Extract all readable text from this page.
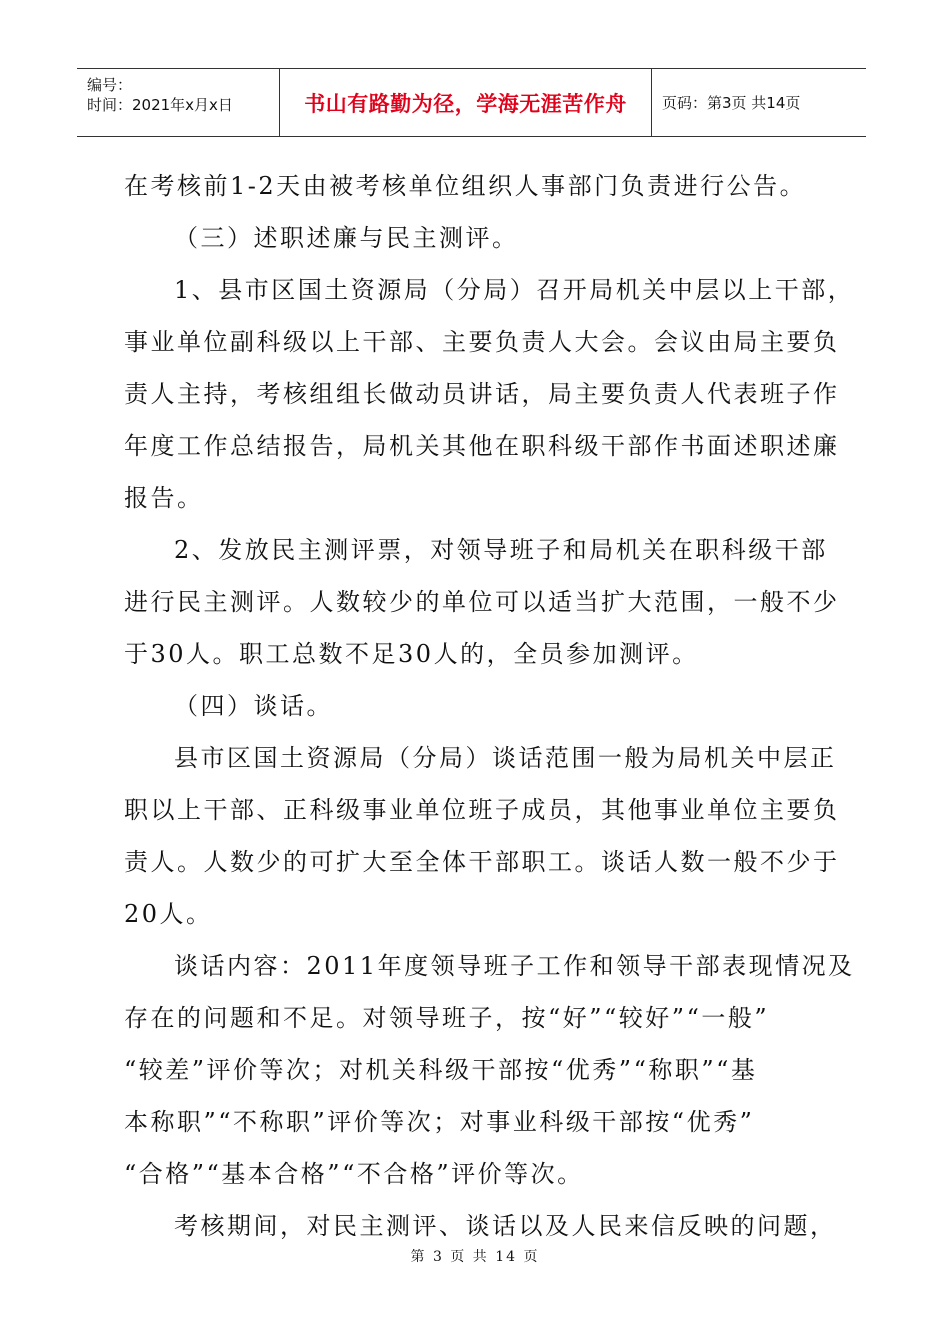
编号：
时间：2021年x月x日	书山有路勤为径，学海无涯苦作舟 页码：第3页 共14页
在考核前1-2天由被考核单位组织人事部门负责进行公告。
（三）述职述廉与民主测评。
1、县市区国土资源局（分局）召开局机关中层以上干部，
事业单位副科级以上干部、主要负责人大会。会议由局主要负
责人主持，考核组组长做动员讲话，局主要负责人代表班子作
年度工作总结报告，局机关其他在职科级干部作书面述职述廉
报告。
2、发放民主测评票，对领导班子和局机关在职科级干部
进行民主测评。人数较少的单位可以适当扩大范围，一般不少
于30人。职工总数不足30人的，全员参加测评。
（四）谈话。
县市区国土资源局（分局）谈话范围一般为局机关中层正
职以上干部、正科级事业单位班子成员，其他事业单位主要负
责人。人数少的可扩大至全体干部职工。谈话人数一般不少于
20人。
谈话内容：2011年度领导班子工作和领导干部表现情况及
存在的问题和不足。对领导班子，按“好”“较好”“一般”
“较差”评价等次；对机关科级干部按“优秀”“称职”“基
本称职”“不称职”评价等次；对事业科级干部按“优秀”
“合格”“基本合格”“不合格”评价等次。
考核期间，对民主测评、谈话以及人民来信反映的问题，
第 3 页 共 14 页
